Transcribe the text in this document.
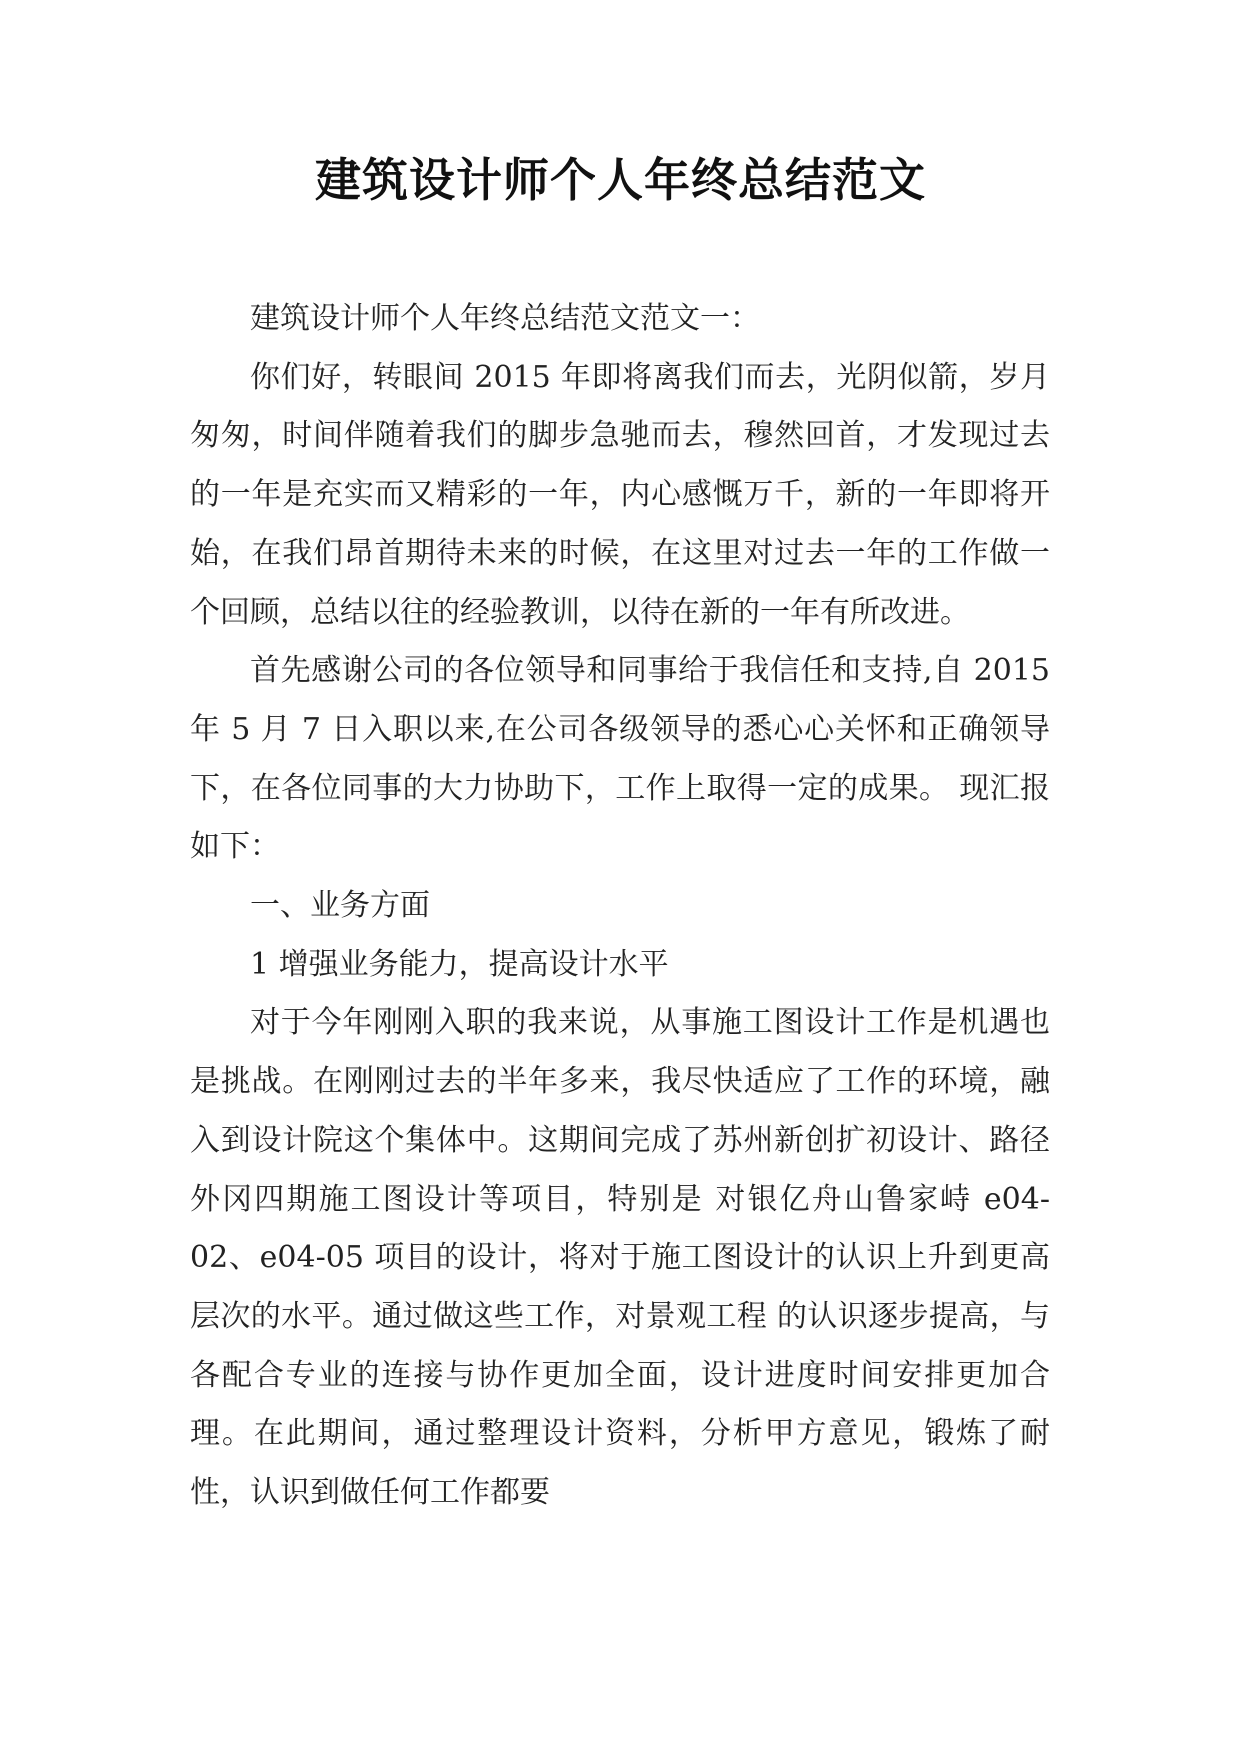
建筑设计师个人年终总结范文

建筑设计师个人年终总结范文范文一：

你们好，转眼间 2015 年即将离我们而去，光阴似箭，岁月匆匆，时间伴随着我们的脚步急驰而去，穆然回首，才发现过去的一年是充实而又精彩的一年，内心感慨万千，新的一年即将开始，在我们昂首期待未来的时候，在这里对过去一年的工作做一个回顾，总结以往的经验教训，以待在新的一年有所改进。

首先感谢公司的各位领导和同事给于我信任和支持,自 2015 年 5 月 7 日入职以来,在公司各级领导的悉心心关怀和正确领导下，在各位同事的大力协助下，工作上取得一定的成果。 现汇报如下：

一、业务方面

1 增强业务能力，提高设计水平

对于今年刚刚入职的我来说，从事施工图设计工作是机遇也是挑战。在刚刚过去的半年多来，我尽快适应了工作的环境，融入到设计院这个集体中。这期间完成了苏州新创扩初设计、路径外冈四期施工图设计等项目，特别是 对银亿舟山鲁家峙 e04-02、e04-05 项目的设计，将对于施工图设计的认识上升到更高层次的水平。通过做这些工作，对景观工程 的认识逐步提高，与各配合专业的连接与协作更加全面，设计进度时间安排更加合理。在此期间，通过整理设计资料，分析甲方意见，锻炼了耐性，认识到做任何工作都要
